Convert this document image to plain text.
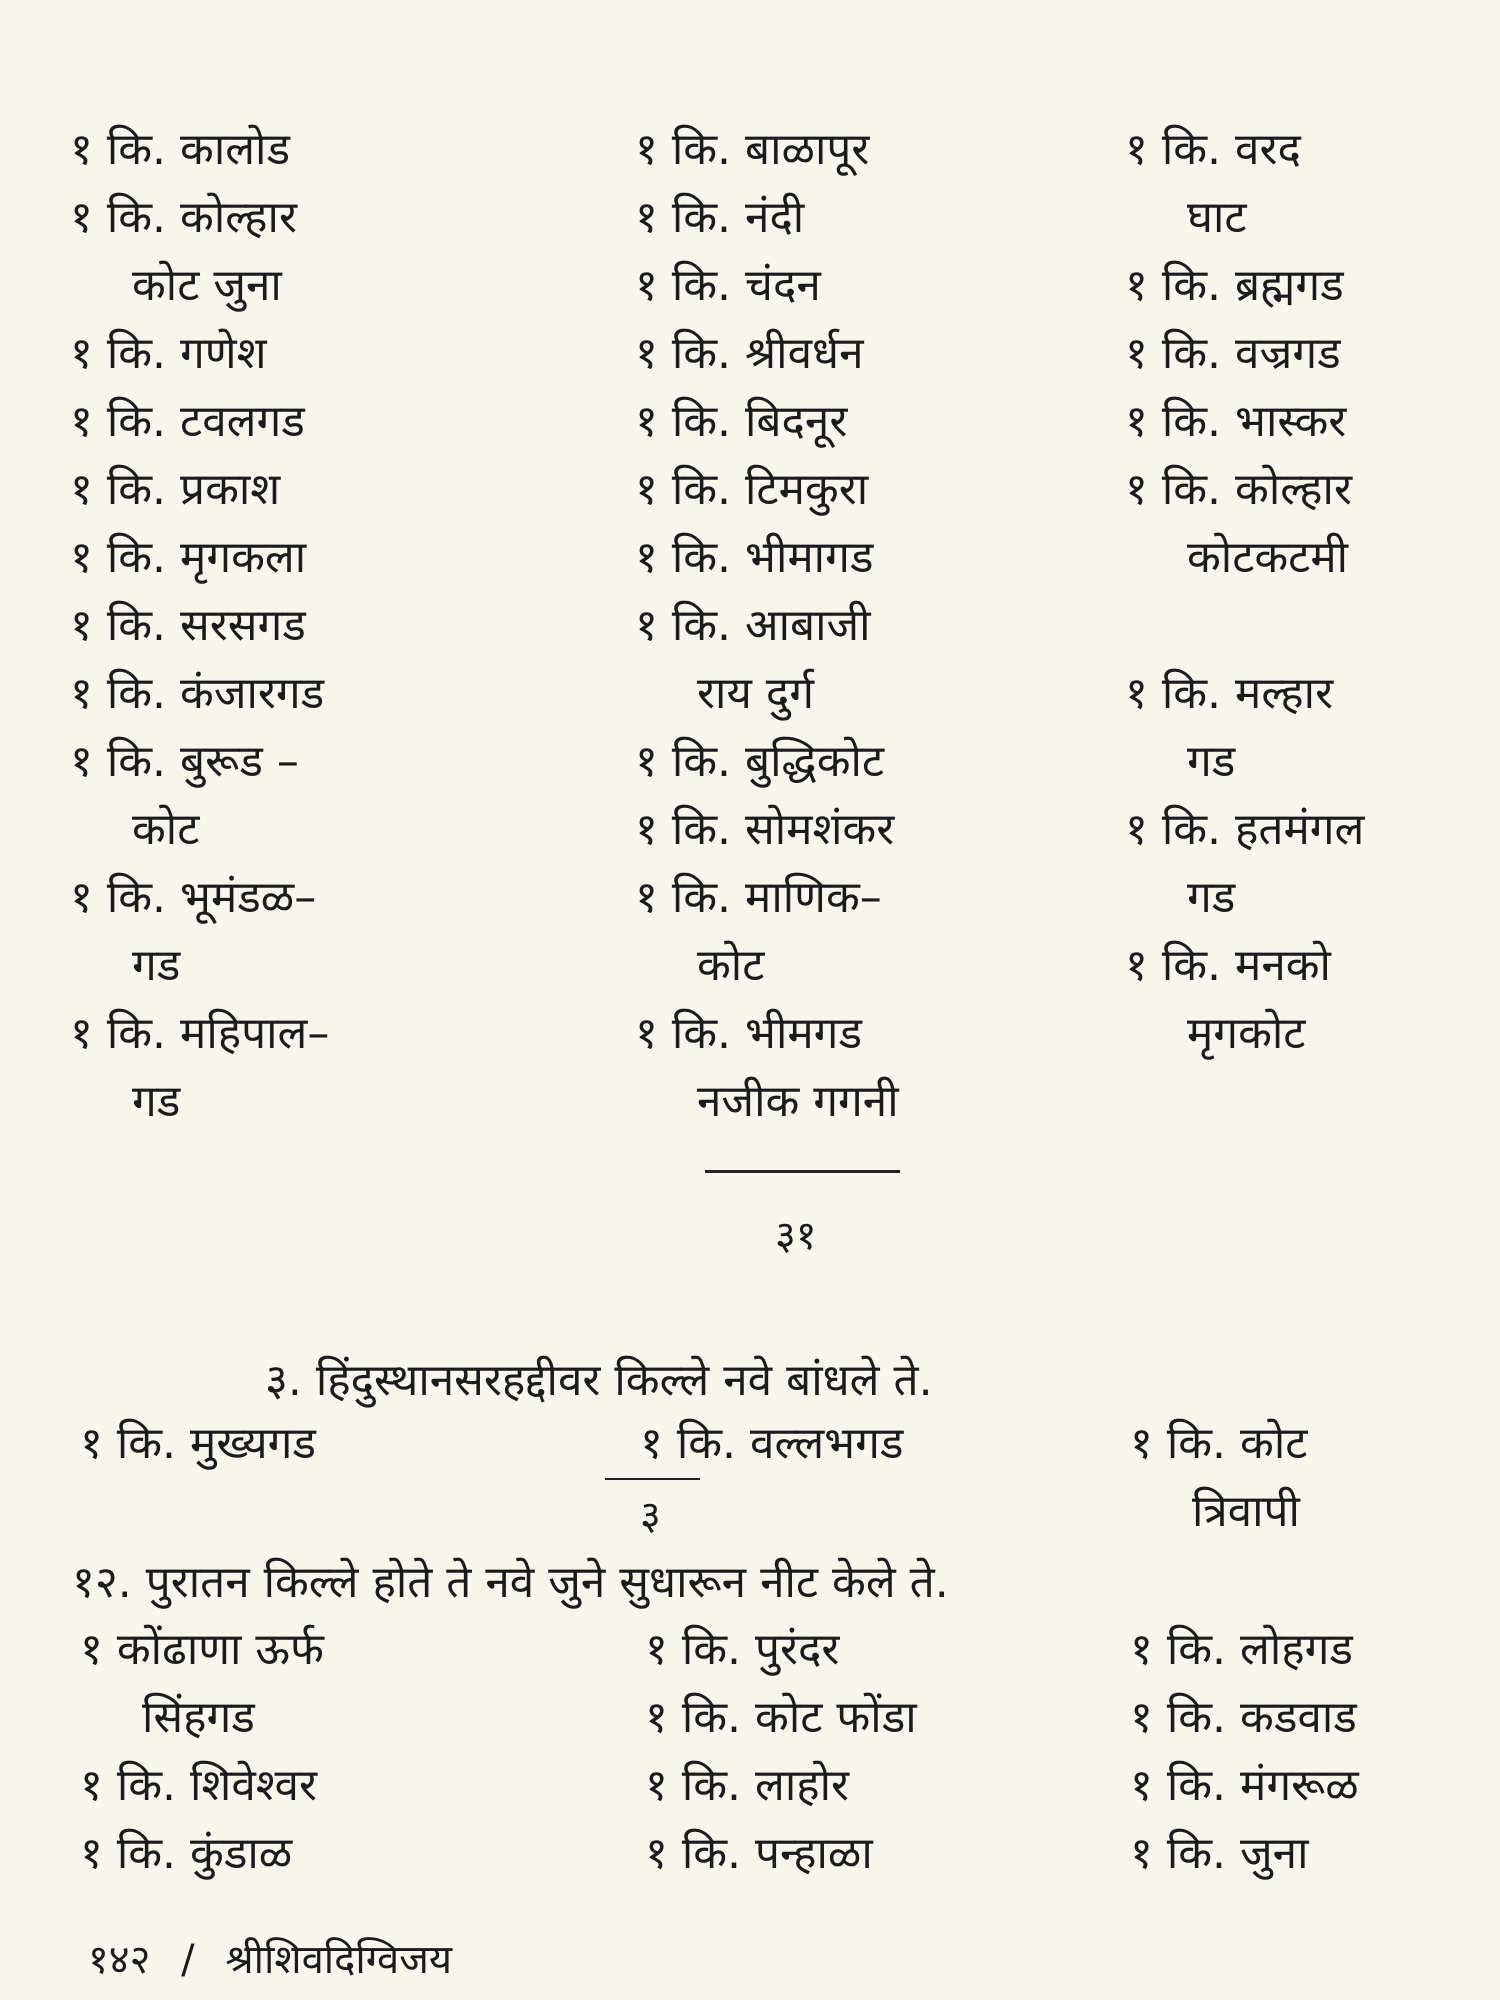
१ कि. कालोड
१ कि. कोल्हार
कोट जुना
१ कि. गणेश
१ कि. टवलगड
१ कि. प्रकाश
१ कि. मृगकला
१ कि. सरसगड
१ कि. कंजारगड
१ कि. बुरूड –
कोट
१ कि. भूमंडळ–
गड
१ कि. महिपाल–
गड
१ कि. बाळापूर
१ कि. नंदी
१ कि. चंदन
१ कि. श्रीवर्धन
१ कि. बिदनूर
१ कि. टिमकुरा
१ कि. भीमागड
१ कि. आबाजी
राय दुर्ग
१ कि. बुद्धिकोट
१ कि. सोमशंकर
१ कि. माणिक–
कोट
१ कि. भीमगड
नजीक गगनी
१ कि. वरद
घाट
१ कि. ब्रह्मगड
१ कि. वज्रगड
१ कि. भास्कर
१ कि. कोल्हार
कोटकटमी
१ कि. मल्हार
गड
१ कि. हतमंगल
गड
१ कि. मनको
मृगकोट
३१
३. हिंदुस्थानसरहद्दीवर किल्ले नवे बांधले ते.
१ कि. मुख्यगड	१ कि. वल्लभगड
३
१ कि. कोट
त्रिवापी
१२. पुरातन किल्ले होते ते नवे जुने सुधारून नीट केले ते.
१ कोंढाणा ऊर्फ
सिंहगड
१ कि. शिवेश्वर
१ कि. कुंडाळ
१ कि. पुरंदर
१ कि. कोट फोंडा
१ कि. लाहोर
१ कि. पन्हाळा
१ कि. लोहगड
१ कि. कडवाड
१ कि. मंगरूळ
१ कि. जुना
१४२ / श्रीशिवदिग्विजय
